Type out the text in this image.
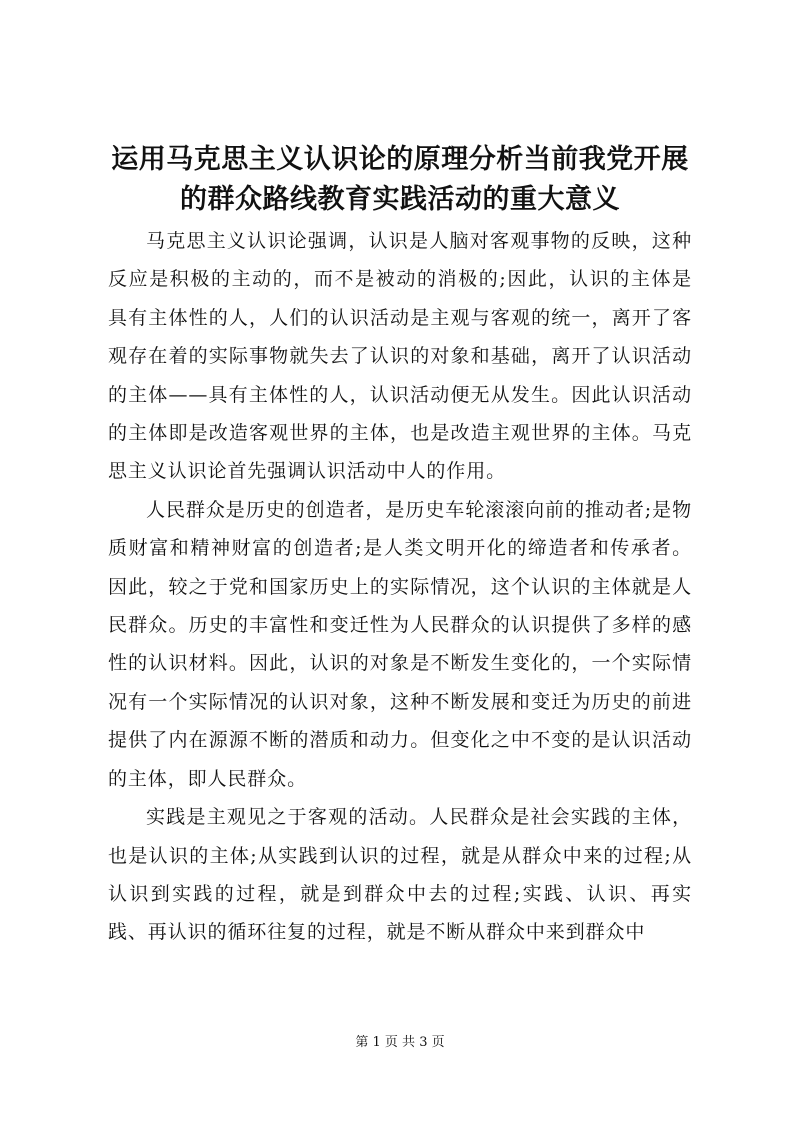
运用马克思主义认识论的原理分析当前我党开展的群众路线教育实践活动的重大意义

马克思主义认识论强调，认识是人脑对客观事物的反映，这种反应是积极的主动的，而不是被动的消极的;因此，认识的主体是具有主体性的人，人们的认识活动是主观与客观的统一，离开了客观存在着的实际事物就失去了认识的对象和基础，离开了认识活动的主体——具有主体性的人，认识活动便无从发生。因此认识活动的主体即是改造客观世界的主体，也是改造主观世界的主体。马克思主义认识论首先强调认识活动中人的作用。

人民群众是历史的创造者，是历史车轮滚滚向前的推动者;是物质财富和精神财富的创造者;是人类文明开化的缔造者和传承者。因此，较之于党和国家历史上的实际情况，这个认识的主体就是人民群众。历史的丰富性和变迁性为人民群众的认识提供了多样的感性的认识材料。因此，认识的对象是不断发生变化的，一个实际情况有一个实际情况的认识对象，这种不断发展和变迁为历史的前进提供了内在源源不断的潜质和动力。但变化之中不变的是认识活动的主体，即人民群众。

实践是主观见之于客观的活动。人民群众是社会实践的主体，也是认识的主体;从实践到认识的过程，就是从群众中来的过程;从认识到实践的过程，就是到群众中去的过程;实践、认识、再实践、再认识的循环往复的过程，就是不断从群众中来到群众中

第 1 页 共 3 页
